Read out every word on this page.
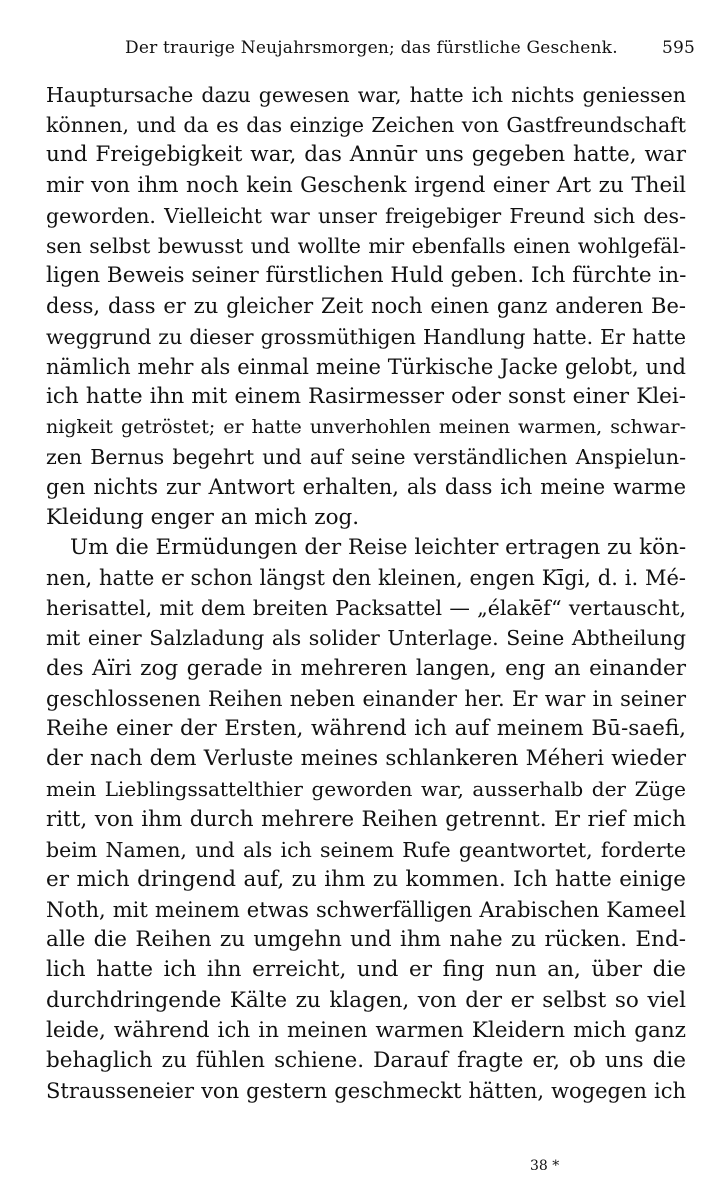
Der traurige Neujahrsmorgen; das fürstliche Geschenk.	595
Hauptursache dazu gewesen war, hatte ich nichts geniessen
können, und da es das einzige Zeichen von Gastfreundschaft
und Freigebigkeit war, das Annūr uns gegeben hatte, war
mir von ihm noch kein Geschenk irgend einer Art zu Theil
geworden. Vielleicht war unser freigebiger Freund sich des-
sen selbst bewusst und wollte mir ebenfalls einen wohlgefäl-
ligen Beweis seiner fürstlichen Huld geben. Ich fürchte in-
dess, dass er zu gleicher Zeit noch einen ganz anderen Be-
weggrund zu dieser grossmüthigen Handlung hatte. Er hatte
nämlich mehr als einmal meine Türkische Jacke gelobt, und
ich hatte ihn mit einem Rasirmesser oder sonst einer Klei-
nigkeit getröstet; er hatte unverhohlen meinen warmen, schwar-
zen Bernus begehrt und auf seine verständlichen Anspielun-
gen nichts zur Antwort erhalten, als dass ich meine warme
Kleidung enger an mich zog.
Um die Ermüdungen der Reise leichter ertragen zu kön-
nen, hatte er schon längst den kleinen, engen Kīgi, d. i. Mé-
herisattel, mit dem breiten Packsattel — „élakēf“ vertauscht,
mit einer Salzladung als solider Unterlage. Seine Abtheilung
des Aïri zog gerade in mehreren langen, eng an einander
geschlossenen Reihen neben einander her. Er war in seiner
Reihe einer der Ersten, während ich auf meinem Bū-saefi,
der nach dem Verluste meines schlankeren Méheri wieder
mein Lieblingssattelthier geworden war, ausserhalb der Züge
ritt, von ihm durch mehrere Reihen getrennt. Er rief mich
beim Namen, und als ich seinem Rufe geantwortet, forderte
er mich dringend auf, zu ihm zu kommen. Ich hatte einige
Noth, mit meinem etwas schwerfälligen Arabischen Kameel
alle die Reihen zu umgehn und ihm nahe zu rücken. End-
lich hatte ich ihn erreicht, und er fing nun an, über die
durchdringende Kälte zu klagen, von der er selbst so viel
leide, während ich in meinen warmen Kleidern mich ganz
behaglich zu fühlen schiene. Darauf fragte er, ob uns die
Straussenеier von gestern geschmeckt hätten, wogegen ich
38 *
